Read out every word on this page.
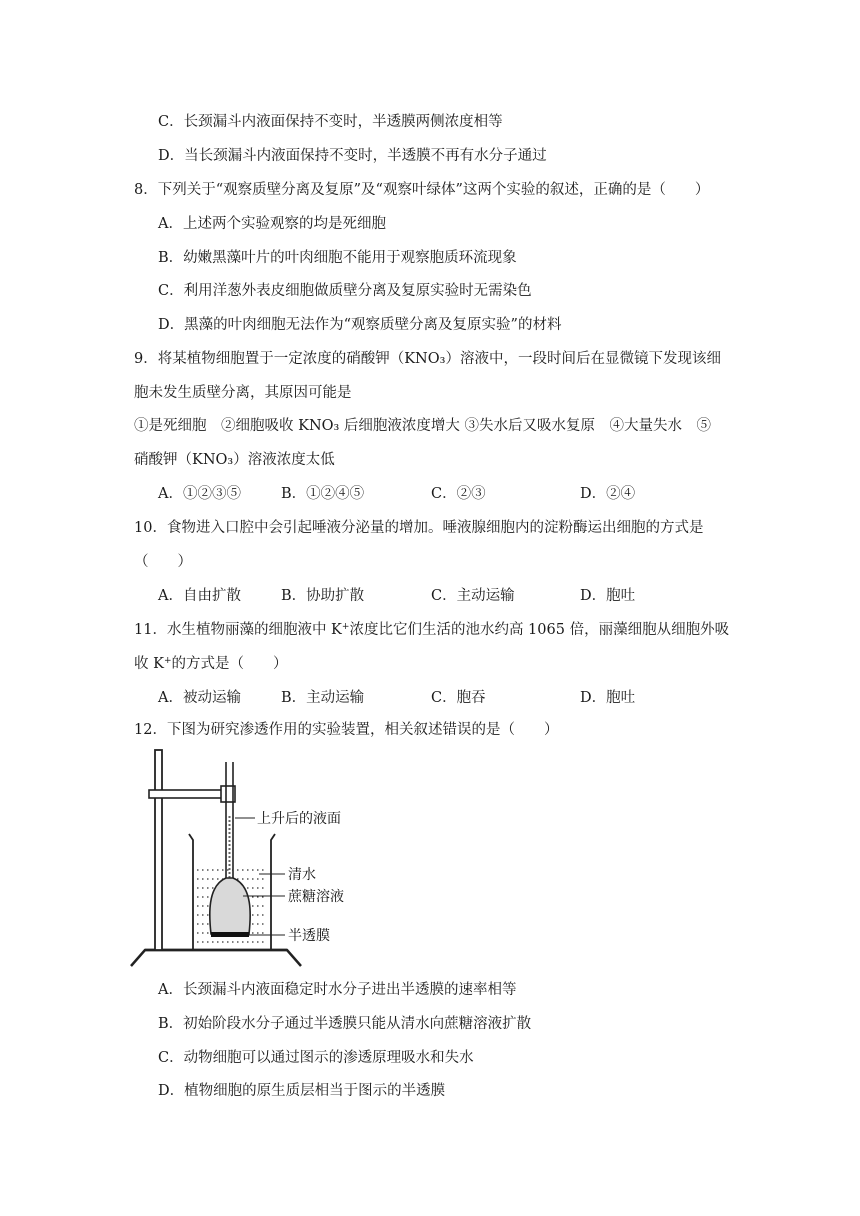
C．长颈漏斗内液面保持不变时，半透膜两侧浓度相等
D．当长颈漏斗内液面保持不变时，半透膜不再有水分子通过
8．下列关于“观察质壁分离及复原”及“观察叶绿体”这两个实验的叙述，正确的是（　　）
A．上述两个实验观察的均是死细胞
B．幼嫩黑藻叶片的叶肉细胞不能用于观察胞质环流现象
C．利用洋葱外表皮细胞做质壁分离及复原实验时无需染色
D．黑藻的叶肉细胞无法作为“观察质壁分离及复原实验”的材料
9．将某植物细胞置于一定浓度的硝酸钾（KNO₃）溶液中，一段时间后在显微镜下发现该细
胞未发生质壁分离，其原因可能是
①是死细胞　②细胞吸收 KNO₃ 后细胞液浓度增大 ③失水后又吸水复原　④大量失水　⑤
硝酸钾（KNO₃）溶液浓度太低
A．①②③⑤	B．①②④⑤	C．②③	D．②④
10．食物进入口腔中会引起唾液分泌量的增加。唾液腺细胞内的淀粉酶运出细胞的方式是
（　　）
A．自由扩散	B．协助扩散	C．主动运输	D．胞吐
11．水生植物丽藻的细胞液中 K+浓度比它们生活的池水约高 1065 倍，丽藻细胞从细胞外吸
收 K+的方式是（　　）
A．被动运输	B．主动运输	C．胞吞	D．胞吐
12．下图为研究渗透作用的实验装置，相关叙述错误的是（　　）
上升后的液面
清水
蔗糖溶液
半透膜
A．长颈漏斗内液面稳定时水分子进出半透膜的速率相等
B．初始阶段水分子通过半透膜只能从清水向蔗糖溶液扩散
C．动物细胞可以通过图示的渗透原理吸水和失水
D．植物细胞的原生质层相当于图示的半透膜
